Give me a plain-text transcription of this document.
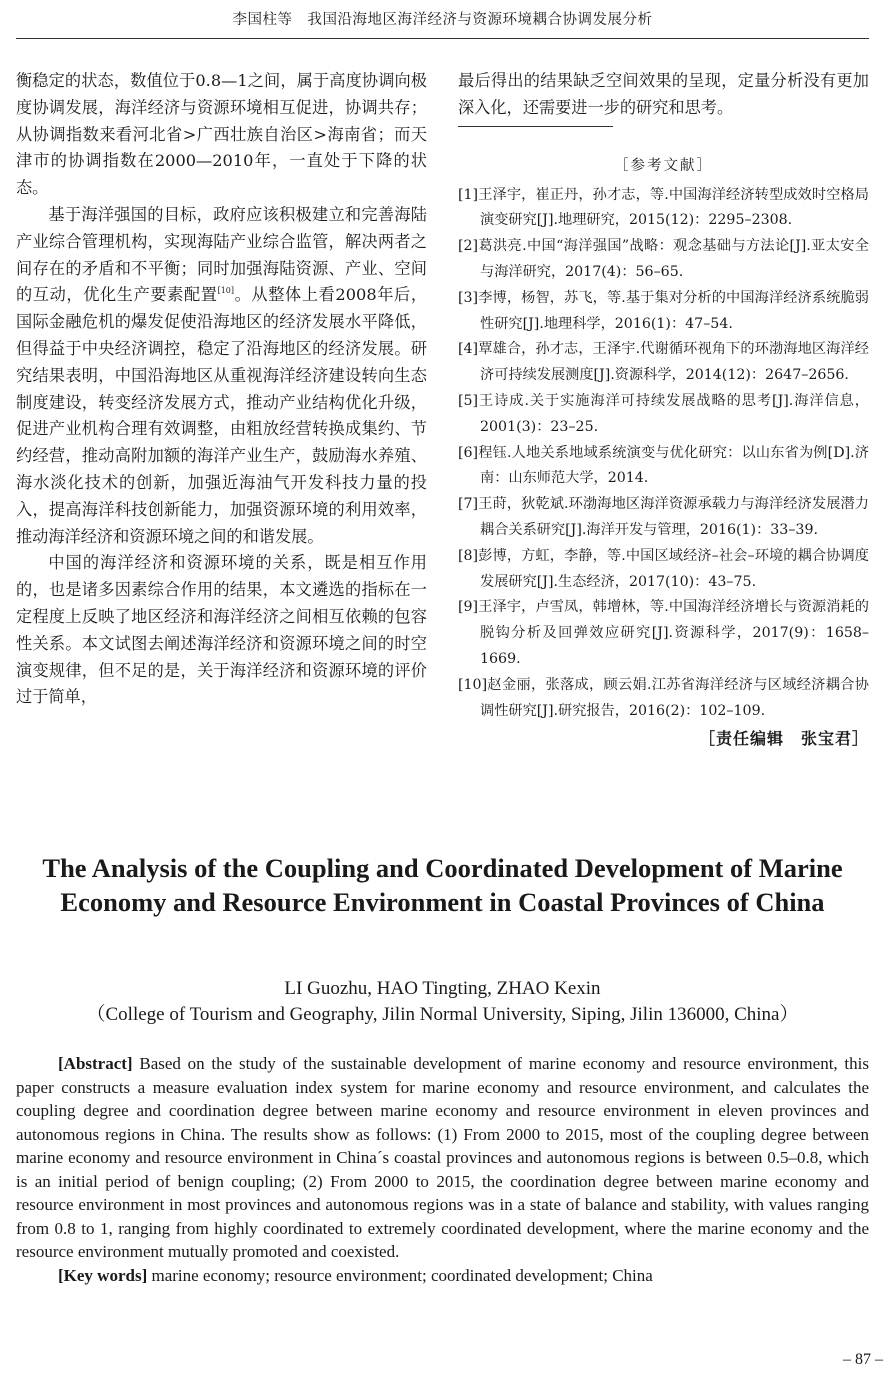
李国柱等　我国沿海地区海洋经济与资源环境耦合协调发展分析

衡稳定的状态，数值位于0.8—1之间，属于高度协调向极度协调发展，海洋经济与资源环境相互促进，协调共存；从协调指数来看河北省>广西壮族自治区>海南省；而天津市的协调指数在2000—2010年，一直处于下降的状态。

基于海洋强国的目标，政府应该积极建立和完善海陆产业综合管理机构，实现海陆产业综合监管，解决两者之间存在的矛盾和不平衡；同时加强海陆资源、产业、空间的互动，优化生产要素配置[10]。从整体上看2008年后，国际金融危机的爆发促使沿海地区的经济发展水平降低，但得益于中央经济调控，稳定了沿海地区的经济发展。研究结果表明，中国沿海地区从重视海洋经济建设转向生态制度建设，转变经济发展方式，推动产业结构优化升级，促进产业机构合理有效调整，由粗放经营转换成集约、节约经营，推动高附加额的海洋产业生产，鼓励海水养殖、海水淡化技术的创新，加强近海油气开发科技力量的投入，提高海洋科技创新能力，加强资源环境的利用效率，推动海洋经济和资源环境之间的和谐发展。

中国的海洋经济和资源环境的关系，既是相互作用的，也是诸多因素综合作用的结果，本文遴选的指标在一定程度上反映了地区经济和海洋经济之间相互依赖的包容性关系。本文试图去阐述海洋经济和资源环境之间的时空演变规律，但不足的是，关于海洋经济和资源环境的评价过于简单，

最后得出的结果缺乏空间效果的呈现，定量分析没有更加深入化，还需要进一步的研究和思考。

［参考文献］
[1]王泽宇，崔正丹，孙才志，等.中国海洋经济转型成效时空格局演变研究[J].地理研究，2015(12)：2295–2308.
[2]葛洪亮.中国“海洋强国”战略：观念基础与方法论[J].亚太安全与海洋研究，2017(4)：56–65.
[3]李博，杨智，苏飞，等.基于集对分析的中国海洋经济系统脆弱性研究[J].地理科学，2016(1)：47–54.
[4]覃雄合，孙才志，王泽宇.代谢循环视角下的环渤海地区海洋经济可持续发展测度[J].资源科学，2014(12)：2647–2656.
[5]王诗成.关于实施海洋可持续发展战略的思考[J].海洋信息，2001(3)：23–25.
[6]程钰.人地关系地域系统演变与优化研究：以山东省为例[D].济南：山东师范大学，2014.
[7]王莳，狄乾斌.环渤海地区海洋资源承载力与海洋经济发展潜力耦合关系研究[J].海洋开发与管理，2016(1)：33–39.
[8]彭博，方虹，李静，等.中国区域经济–社会–环境的耦合协调度发展研究[J].生态经济，2017(10)：43–75.
[9]王泽宇，卢雪凤，韩增林，等.中国海洋经济增长与资源消耗的脱钩分析及回弹效应研究[J].资源科学，2017(9)：1658–1669.
[10]赵金丽，张落成，顾云娟.江苏省海洋经济与区域经济耦合协调性研究[J].研究报告，2016(2)：102–109.
［责任编辑　张宝君］
The Analysis of the Coupling and Coordinated Development of Marine Economy and Resource Environment in Coastal Provinces of China
LI Guozhu, HAO Tingting, ZHAO Kexin
（College of Tourism and Geography, Jilin Normal University, Siping, Jilin 136000, China）

[Abstract] Based on the study of the sustainable development of marine economy and resource environment, this paper constructs a measure evaluation index system for marine economy and resource environment, and calculates the coupling degree and coordination degree between marine economy and resource environment in eleven provinces and autonomous regions in China. The results show as follows: (1) From 2000 to 2015, most of the coupling degree between marine economy and resource environment in China´s coastal provinces and autonomous regions is between 0.5–0.8, which is an initial period of benign coupling; (2) From 2000 to 2015, the coordination degree between marine economy and resource environment in most provinces and autonomous regions was in a state of balance and stability, with values ranging from 0.8 to 1, ranging from highly coordinated to extremely coordinated development, where the marine economy and the resource environment mutually promoted and coexisted.

[Key words] marine economy; resource environment; coordinated development; China

– 87 –
